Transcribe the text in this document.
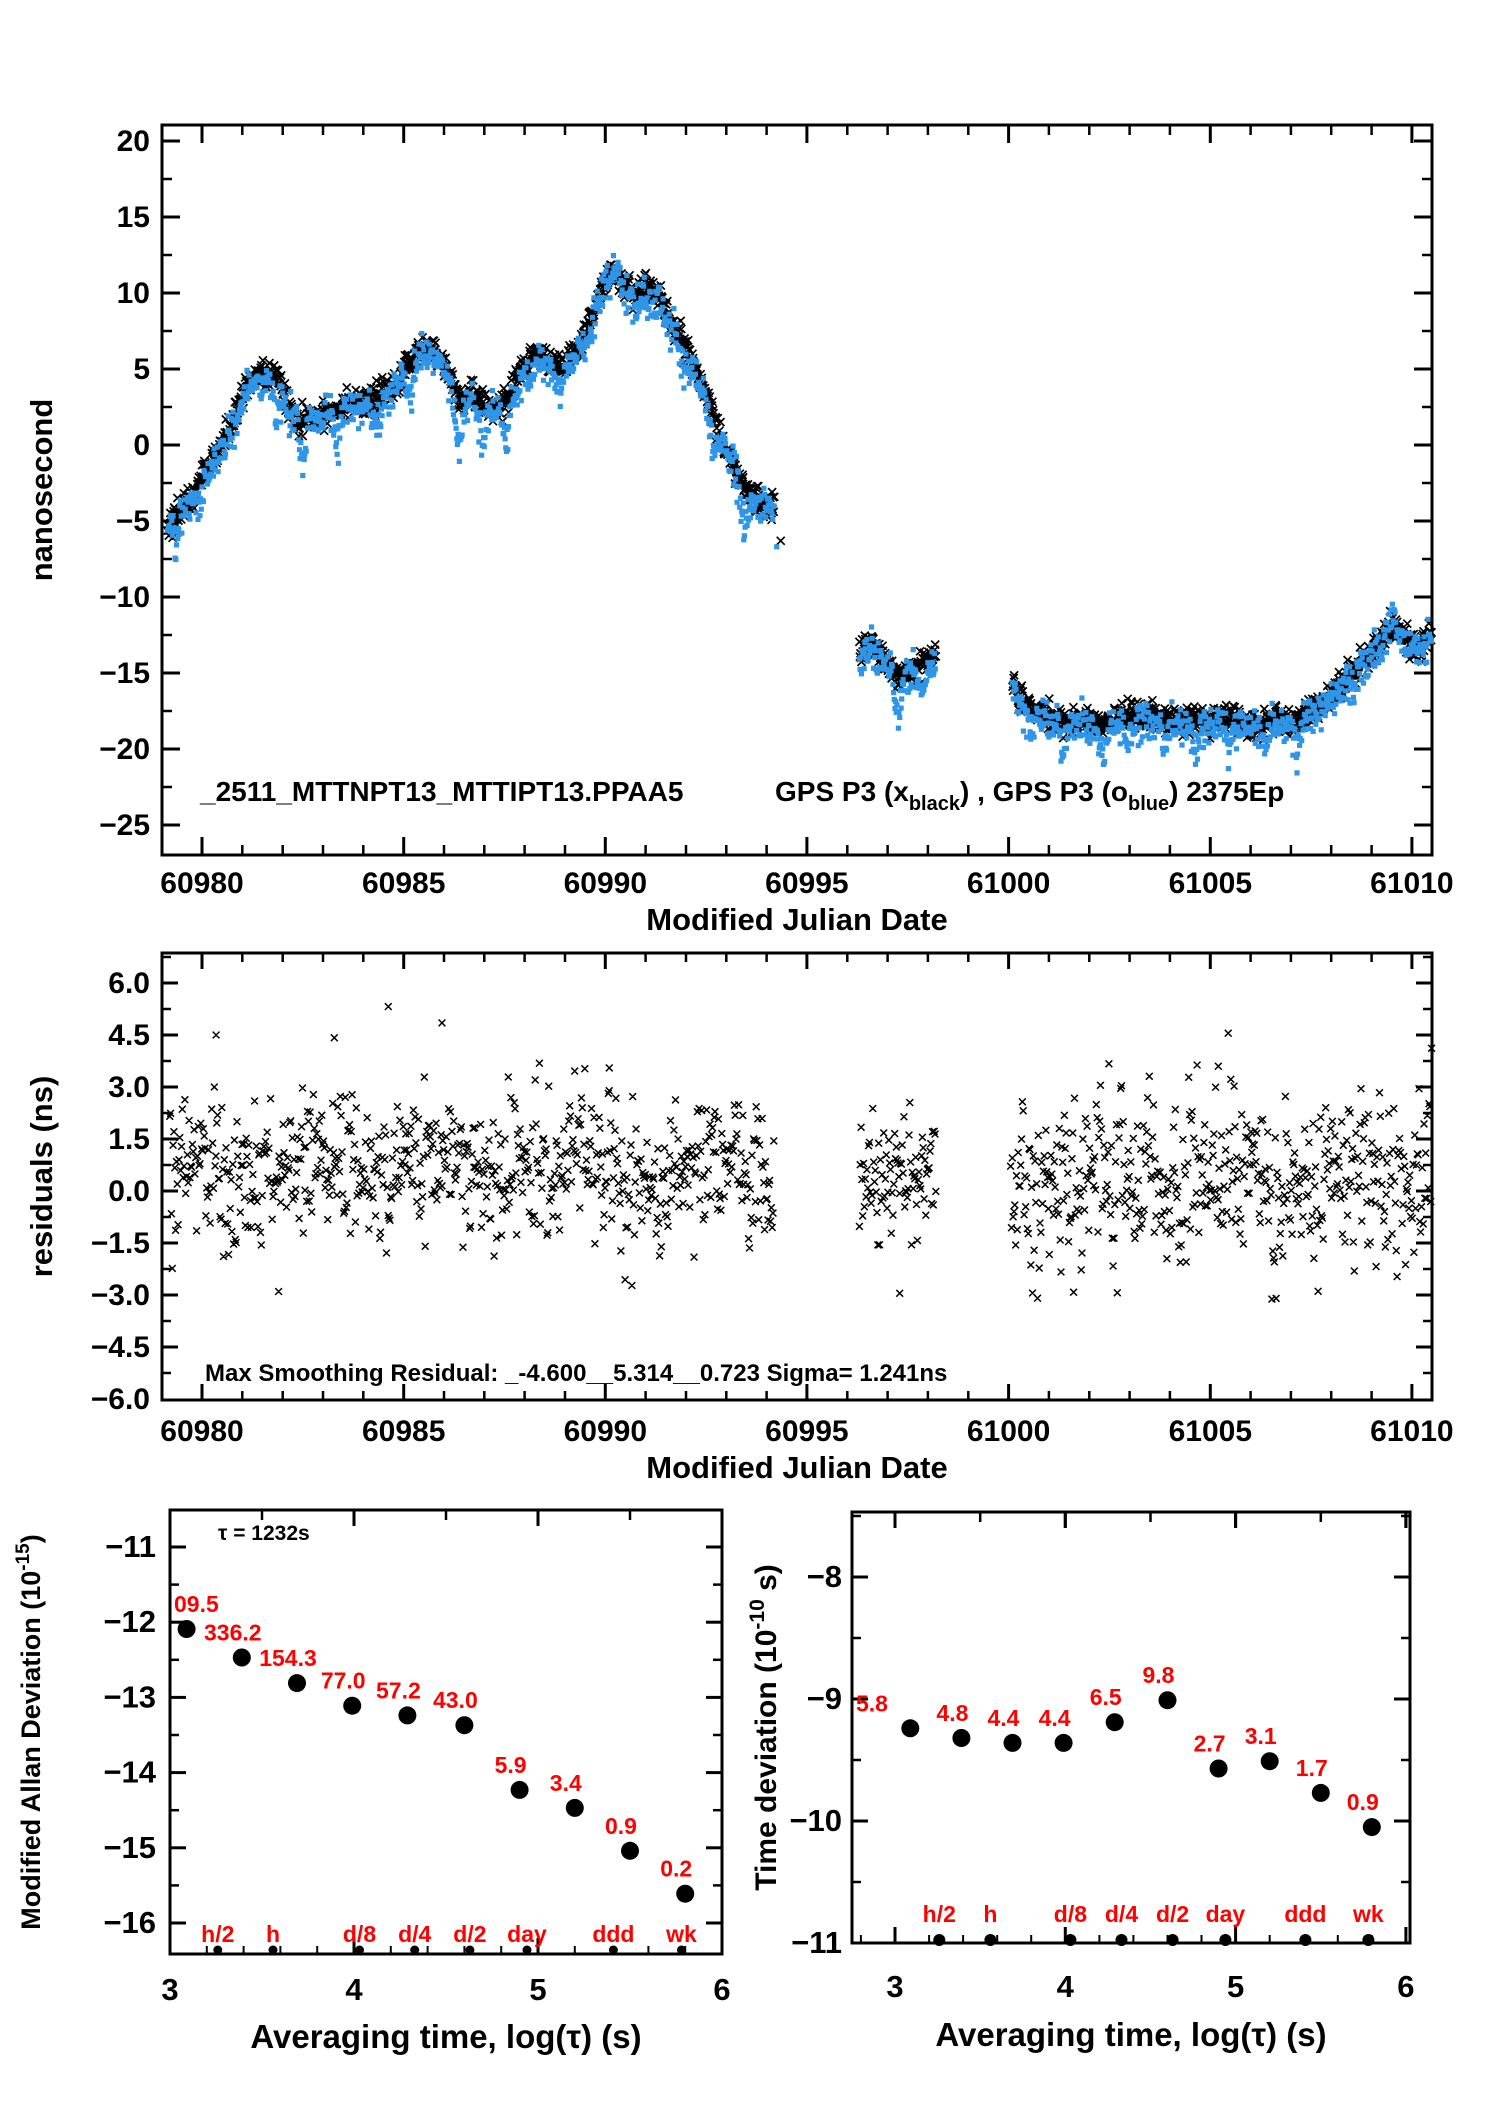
60980	60985	60990	60995	61000	61005	61010
20
15
10
5
0
−5
−10
−15
−20
−25
Modified Julian Date
nanosecond
_2511_MTTNPT13_MTTIPT13.PPAA5	GPS P3 $(x_{black})$ , GPS P3 $(o_{blue})$ 2375Ep
60980	60985	60990	60995	61000	61005	61010
6.0
4.5
3.0
1.5
0.0
−1.5
−3.0
−4.5
−6.0
Modified Julian Date
residuals (ns)
Max Smoothing Residual: _-4.600__5.314__0.723 Sigma= 1.241ns
3	4	5	6
−11
−12
−13
−14
−15
−16
Averaging time, log(τ) (s)
09.5
336.2
154.3
77.0 57.2 43.0
5.9
3.4
0.9
0.2
h/2 h	d/8 d/4 d/2 day ddd wk
τ = 1232s
Modified Allan Deviation $(10^{-15})$
3	4	5	6
−8
−9
−10
−11
Averaging time, log(τ) (s)
5.8 4.8 4.4 4.4
6.5
9.8
2.7 3.1
1.7
0.9
h/2 h d/8 d/4 d/2 day ddd wk
Time deviation ($10^{-10}$ s)
